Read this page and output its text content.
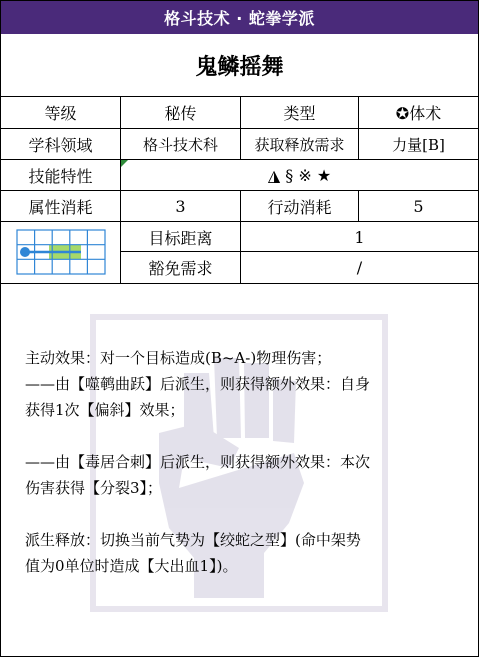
格斗技术 · 蛇拳学派
鬼鳞摇舞
等级	秘传	类型	✪体术
学科领域	格斗技术科	获取释放需求	力量[B]
技能特性	◮ § ※ ★
属性消耗	3	行动消耗	5
目标距离	1
豁免需求	/

主动效果：对一个目标造成(B~A-)物理伤害；

——由【噬鹌曲跃】后派生，则获得额外效果：自身

获得1次【偏斜】效果；

——由【毒居合刺】后派生，则获得额外效果：本次

伤害获得【分裂3】；

派生释放：切换当前气势为【绞蛇之型】(命中架势

值为0单位时造成【大出血1】)。
